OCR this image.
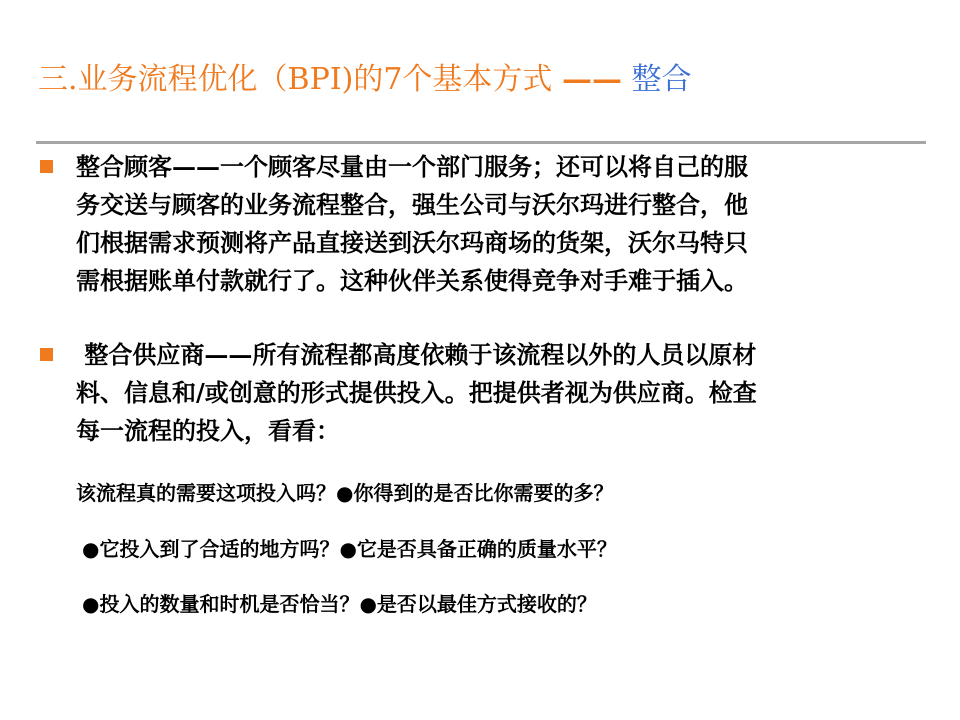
三.业务流程优化（BPI)的7个基本方式 —— 整合
整合顾客——一个顾客尽量由一个部门服务；还可以将自己的服
务交送与顾客的业务流程整合，强生公司与沃尔玛进行整合，他
们根据需求预测将产品直接送到沃尔玛商场的货架，沃尔马特只
需根据账单付款就行了。这种伙伴关系使得竞争对手难于插入。
整合供应商——所有流程都高度依赖于该流程以外的人员以原材
料、信息和/或创意的形式提供投入。把提供者视为供应商。检查
每一流程的投入，看看：
该流程真的需要这项投入吗？●你得到的是否比你需要的多？
●它投入到了合适的地方吗？●它是否具备正确的质量水平？
●投入的数量和时机是否恰当？●是否以最佳方式接收的？
